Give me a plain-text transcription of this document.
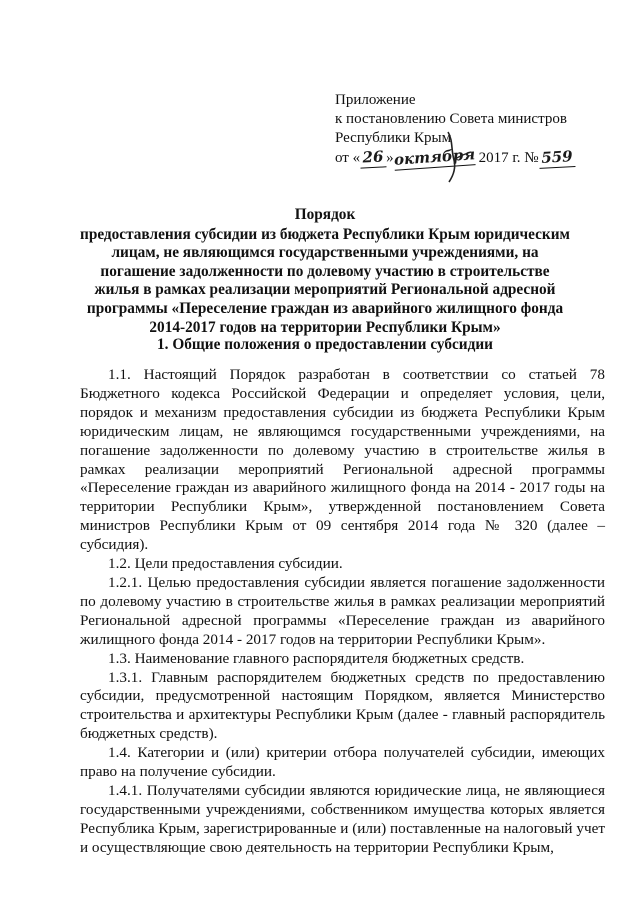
Приложение
к постановлению Совета министров
Республики Крым
от « 26 »октября 2017 г. № 559
Порядок
предоставления субсидии из бюджета Республики Крым юридическим лицам, не являющимся государственными учреждениями, на погашение задолженности по долевому участию в строительстве жилья в рамках реализации мероприятий Региональной адресной программы «Переселение граждан из аварийного жилищного фонда 2014-2017 годов на территории Республики Крым»
1. Общие положения о предоставлении субсидии

1.1. Настоящий Порядок разработан в соответствии со статьей 78 Бюджетного кодекса Российской Федерации и определяет условия, цели, порядок и механизм предоставления субсидии из бюджета Республики Крым юридическим лицам, не являющимся государственными учреждениями, на погашение задолженности по долевому участию в строительстве жилья в рамках реализации мероприятий Региональной адресной программы «Переселение граждан из аварийного жилищного фонда на 2014 - 2017 годы на территории Республики Крым», утвержденной постановлением Совета министров Республики Крым от 09 сентября 2014 года № 320 (далее – субсидия).

1.2. Цели предоставления субсидии.

1.2.1. Целью предоставления субсидии является погашение задолженности по долевому участию в строительстве жилья в рамках реализации мероприятий Региональной адресной программы «Переселение граждан из аварийного жилищного фонда 2014 - 2017 годов на территории Республики Крым».

1.3. Наименование главного распорядителя бюджетных средств.

1.3.1. Главным распорядителем бюджетных средств по предоставлению субсидии, предусмотренной настоящим Порядком, является Министерство строительства и архитектуры Республики Крым (далее - главный распорядитель бюджетных средств).

1.4. Категории и (или) критерии отбора получателей субсидии, имеющих право на получение субсидии.

1.4.1. Получателями субсидии являются юридические лица, не являющиеся государственными учреждениями, собственником имущества которых является Республика Крым, зарегистрированные и (или) поставленные на налоговый учет и осуществляющие свою деятельность на территории Республики Крым,
